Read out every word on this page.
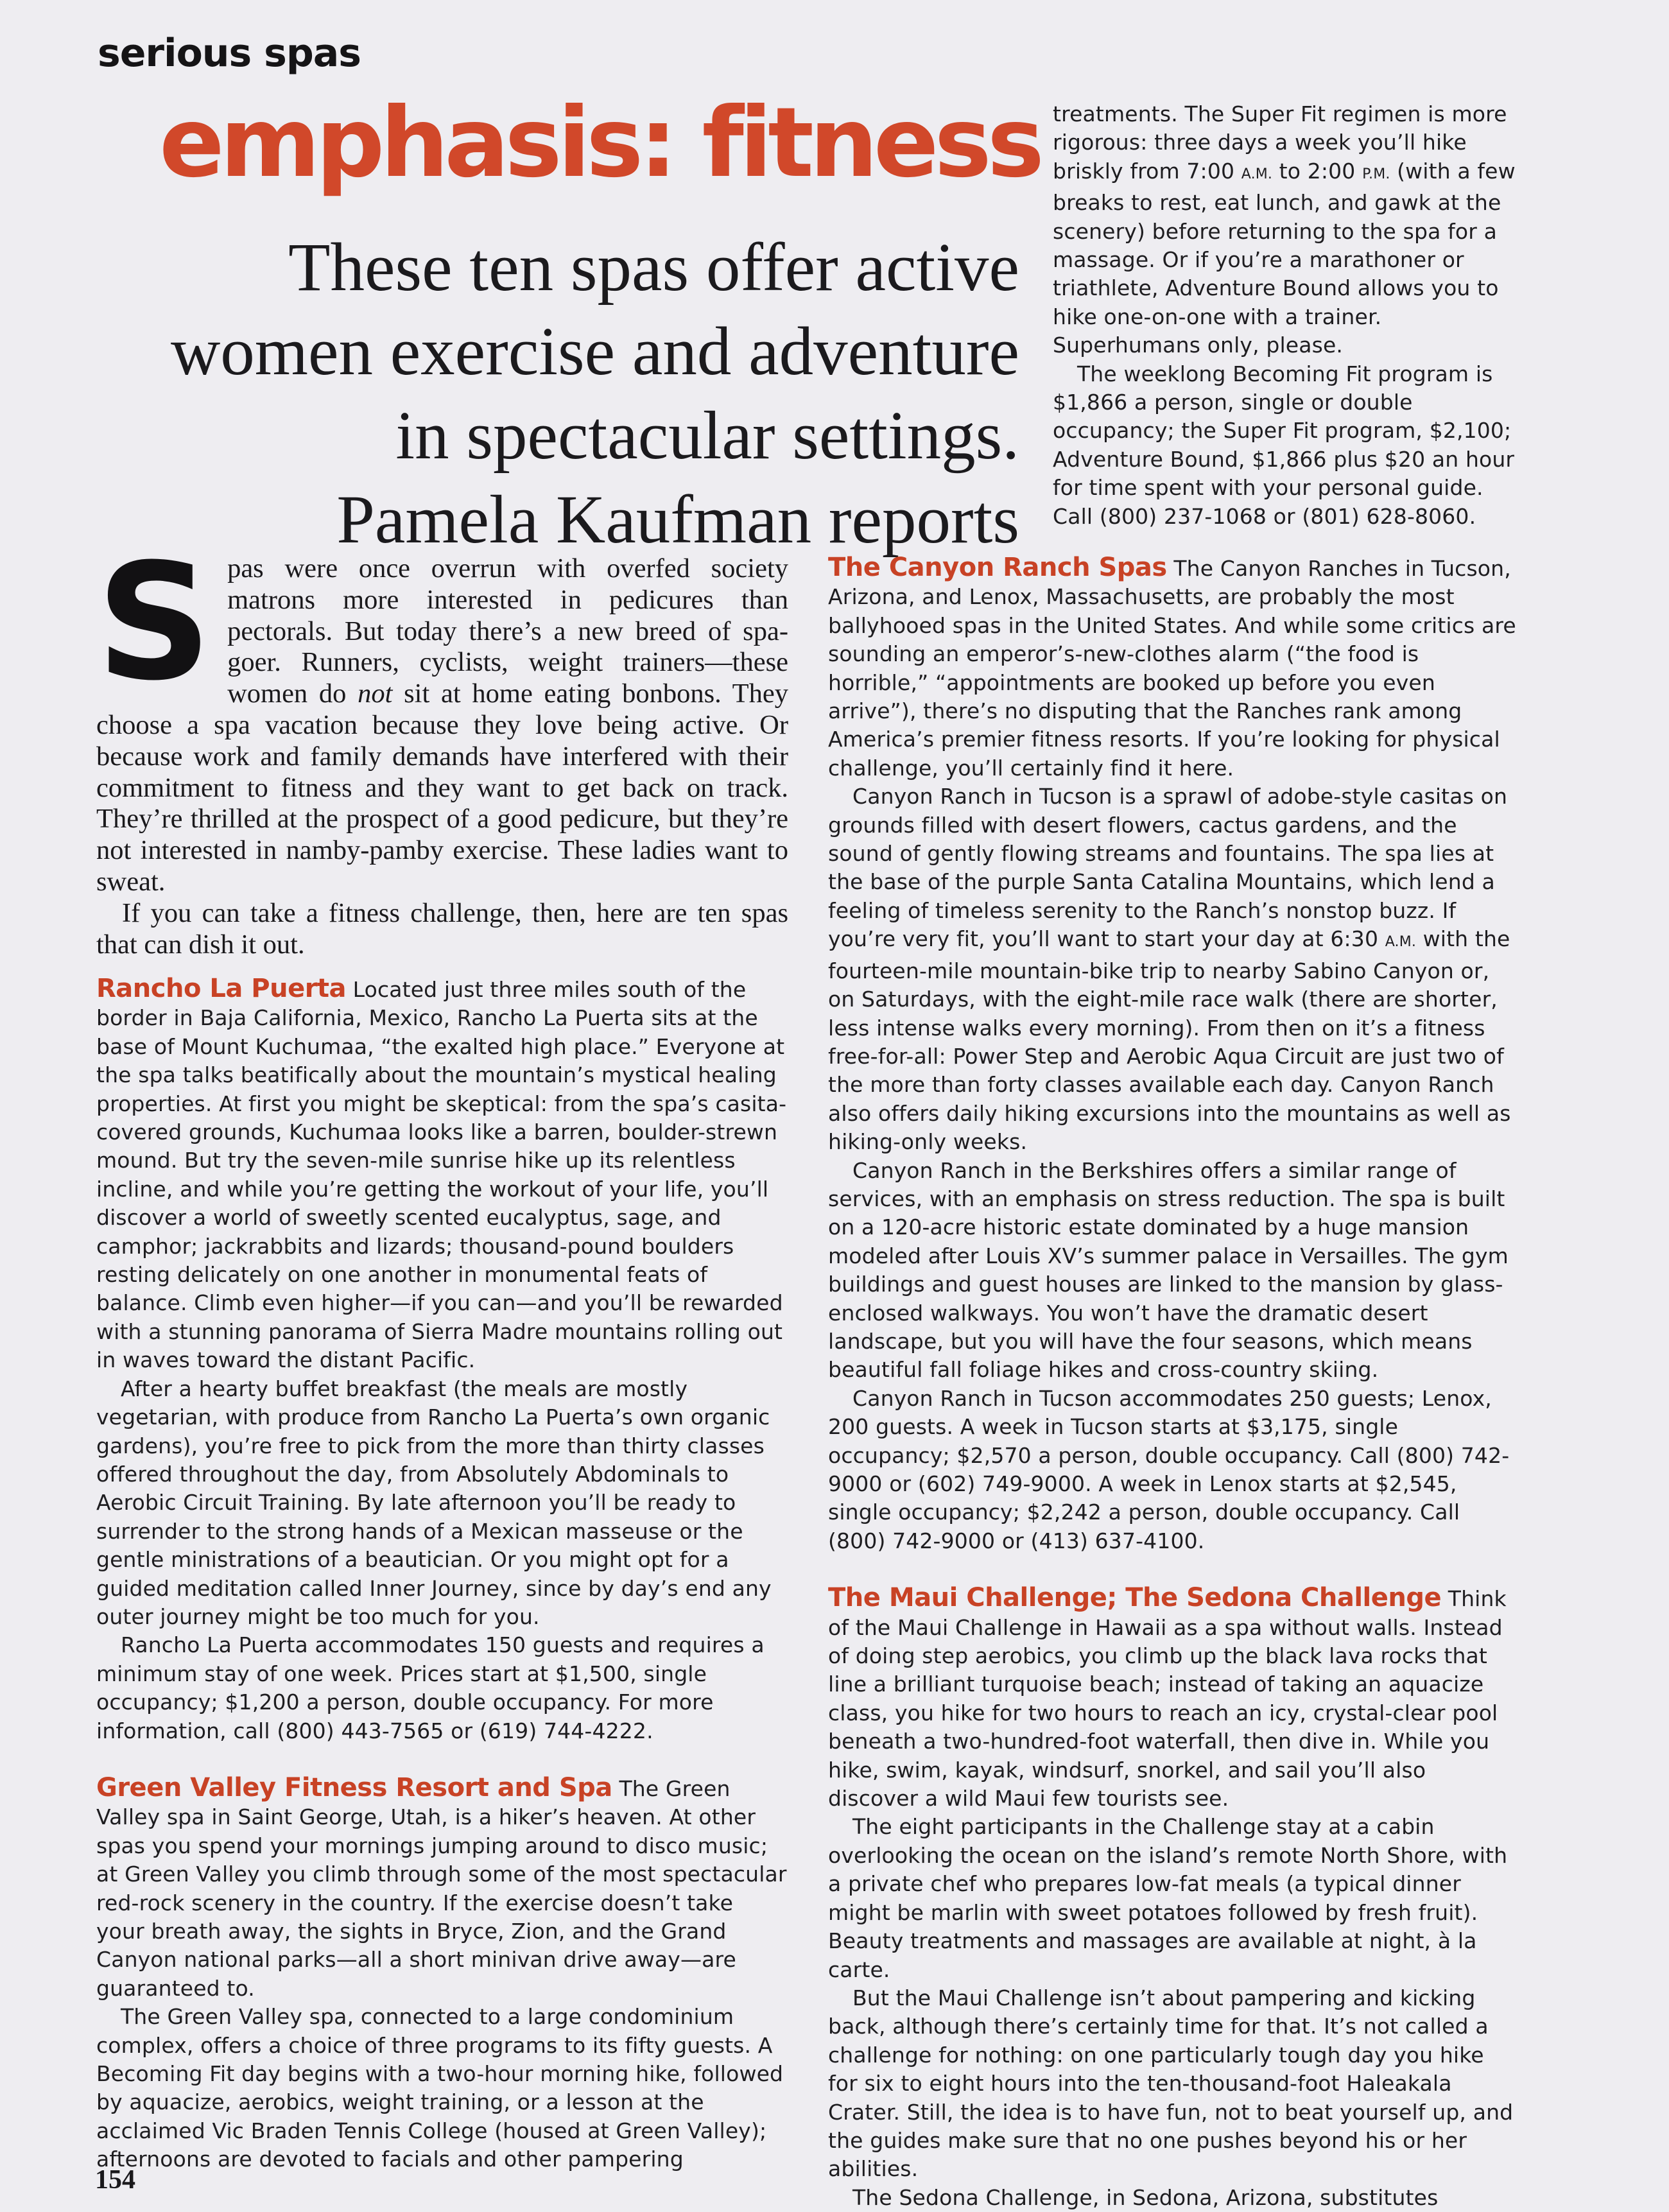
serious spas
emphasis: fitness

These ten spas offer active

women exercise and adventure

in spectacular settings.

Pamela Kaufman reports

Spas were once overrun with overfed society matrons more interested in pedicures than pectorals. But today there’s a new breed of spa-goer. Runners, cyclists, weight trainers—these women do not sit at home eating bonbons. They choose a spa vacation because they love being active. Or because work and family demands have interfered with their commitment to fitness and they want to get back on track. They’re thrilled at the prospect of a good pedicure, but they’re not interested in namby-pamby exercise. These ladies want to sweat.

If you can take a fitness challenge, then, here are ten spas that can dish it out.

Rancho La Puerta Located just three miles south of the border in Baja California, Mexico, Rancho La Puerta sits at the base of Mount Kuchumaa, “the exalted high place.” Everyone at the spa talks beatifically about the mountain’s mystical healing properties. At first you might be skeptical: from the spa’s casita-covered grounds, Kuchumaa looks like a barren, boulder-strewn mound. But try the seven-mile sunrise hike up its relentless incline, and while you’re getting the workout of your life, you’ll discover a world of sweetly scented eucalyptus, sage, and camphor; jackrabbits and lizards; thousand-pound boulders resting delicately on one another in monumental feats of balance. Climb even higher—if you can—and you’ll be rewarded with a stunning panorama of Sierra Madre mountains rolling out in waves toward the distant Pacific.

After a hearty buffet breakfast (the meals are mostly vegetarian, with produce from Rancho La Puerta’s own organic gardens), you’re free to pick from the more than thirty classes offered throughout the day, from Absolutely Abdominals to Aerobic Circuit Training. By late afternoon you’ll be ready to surrender to the strong hands of a Mexican masseuse or the gentle ministrations of a beautician. Or you might opt for a guided meditation called Inner Journey, since by day’s end any outer journey might be too much for you.

Rancho La Puerta accommodates 150 guests and requires a minimum stay of one week. Prices start at $1,500, single occupancy; $1,200 a person, double occupancy. For more information, call (800) 443-7565 or (619) 744-4222.

Green Valley Fitness Resort and Spa The Green Valley spa in Saint George, Utah, is a hiker’s heaven. At other spas you spend your mornings jumping around to disco music; at Green Valley you climb through some of the most spectacular red-rock scenery in the country. If the exercise doesn’t take your breath away, the sights in Bryce, Zion, and the Grand Canyon national parks—all a short minivan drive away—are guaranteed to.

The Green Valley spa, connected to a large condominium complex, offers a choice of three programs to its fifty guests. A Becoming Fit day begins with a two-hour morning hike, followed by aquacize, aerobics, weight training, or a lesson at the acclaimed Vic Braden Tennis College (housed at Green Valley); afternoons are devoted to facials and other pampering

treatments. The Super Fit regimen is more rigorous: three days a week you’ll hike briskly from 7:00 A.M. to 2:00 P.M. (with a few breaks to rest, eat lunch, and gawk at the scenery) before returning to the spa for a massage. Or if you’re a marathoner or triathlete, Adventure Bound allows you to hike one-on-one with a trainer. Superhumans only, please.

The weeklong Becoming Fit program is $1,866 a person, single or double occupancy; the Super Fit program, $2,100; Adventure Bound, $1,866 plus $20 an hour for time spent with your personal guide. Call (800) 237-1068 or (801) 628-8060.

The Canyon Ranch Spas The Canyon Ranches in Tucson, Arizona, and Lenox, Massachusetts, are probably the most ballyhooed spas in the United States. And while some critics are sounding an emperor’s-new-clothes alarm (“the food is horrible,” “appointments are booked up before you even arrive”), there’s no disputing that the Ranches rank among America’s premier fitness resorts. If you’re looking for physical challenge, you’ll certainly find it here.

Canyon Ranch in Tucson is a sprawl of adobe-style casitas on grounds filled with desert flowers, cactus gardens, and the sound of gently flowing streams and fountains. The spa lies at the base of the purple Santa Catalina Mountains, which lend a feeling of timeless serenity to the Ranch’s nonstop buzz. If you’re very fit, you’ll want to start your day at 6:30 A.M. with the fourteen-mile mountain-bike trip to nearby Sabino Canyon or, on Saturdays, with the eight-mile race walk (there are shorter, less intense walks every morning). From then on it’s a fitness free-for-all: Power Step and Aerobic Aqua Circuit are just two of the more than forty classes available each day. Canyon Ranch also offers daily hiking excursions into the mountains as well as hiking-only weeks.

Canyon Ranch in the Berkshires offers a similar range of services, with an emphasis on stress reduction. The spa is built on a 120-acre historic estate dominated by a huge mansion modeled after Louis XV’s summer palace in Versailles. The gym buildings and guest houses are linked to the mansion by glass-enclosed walkways. You won’t have the dramatic desert landscape, but you will have the four seasons, which means beautiful fall foliage hikes and cross-country skiing.

Canyon Ranch in Tucson accommodates 250 guests; Lenox, 200 guests. A week in Tucson starts at $3,175, single occupancy; $2,570 a person, double occupancy. Call (800) 742-9000 or (602) 749-9000. A week in Lenox starts at $2,545, single occupancy; $2,242 a person, double occupancy. Call (800) 742-9000 or (413) 637-4100.

The Maui Challenge; The Sedona Challenge Think of the Maui Challenge in Hawaii as a spa without walls. Instead of doing step aerobics, you climb up the black lava rocks that line a brilliant turquoise beach; instead of taking an aquacize class, you hike for two hours to reach an icy, crystal-clear pool beneath a two-hundred-foot waterfall, then dive in. While you hike, swim, kayak, windsurf, snorkel, and sail you’ll also discover a wild Maui few tourists see.

The eight participants in the Challenge stay at a cabin overlooking the ocean on the island’s remote North Shore, with a private chef who prepares low-fat meals (a typical dinner might be marlin with sweet potatoes followed by fresh fruit). Beauty treatments and massages are available at night, à la carte.

But the Maui Challenge isn’t about pampering and kicking back, although there’s certainly time for that. It’s not called a challenge for nothing: on one particularly tough day you hike for six to eight hours into the ten-thousand-foot Haleakala Crater. Still, the idea is to have fun, not to beat yourself up, and the guides make sure that no one pushes beyond his or her abilities.

The Sedona Challenge, in Sedona, Arizona, substitutes

154
